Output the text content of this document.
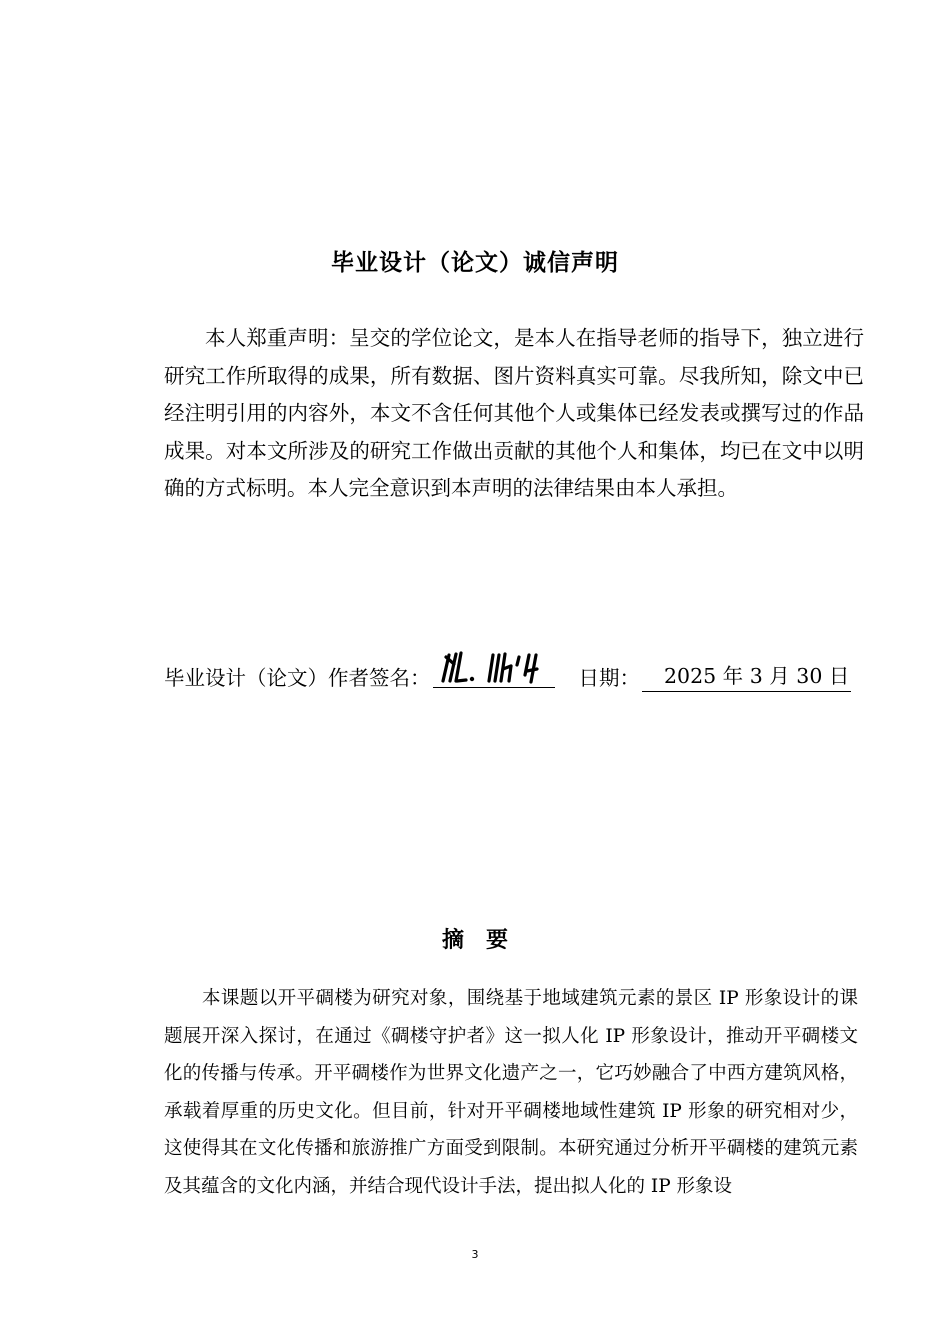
毕业设计（论文）诚信声明

本人郑重声明：呈交的学位论文，是本人在指导老师的指导下，独立进行研究工作所取得的成果，所有数据、图片资料真实可靠。尽我所知，除文中已经注明引用的内容外，本文不含任何其他个人或集体已经发表或撰写过的作品成果。对本文所涉及的研究工作做出贡献的其他个人和集体，均已在文中以明确的方式标明。本人完全意识到本声明的法律结果由本人承担。

毕业设计（论文）作者签名：	日期： 2025 年 3 月 30 日
摘　要

本课题以开平碉楼为研究对象，围绕基于地域建筑元素的景区 IP 形象设计的课题展开深入探讨，在通过《碉楼守护者》这一拟人化 IP 形象设计，推动开平碉楼文化的传播与传承。开平碉楼作为世界文化遗产之一，它巧妙融合了中西方建筑风格，承载着厚重的历史文化。但目前，针对开平碉楼地域性建筑 IP 形象的研究相对少，这使得其在文化传播和旅游推广方面受到限制。本研究通过分析开平碉楼的建筑元素及其蕴含的文化内涵，并结合现代设计手法，提出拟人化的 IP 形象设

3
